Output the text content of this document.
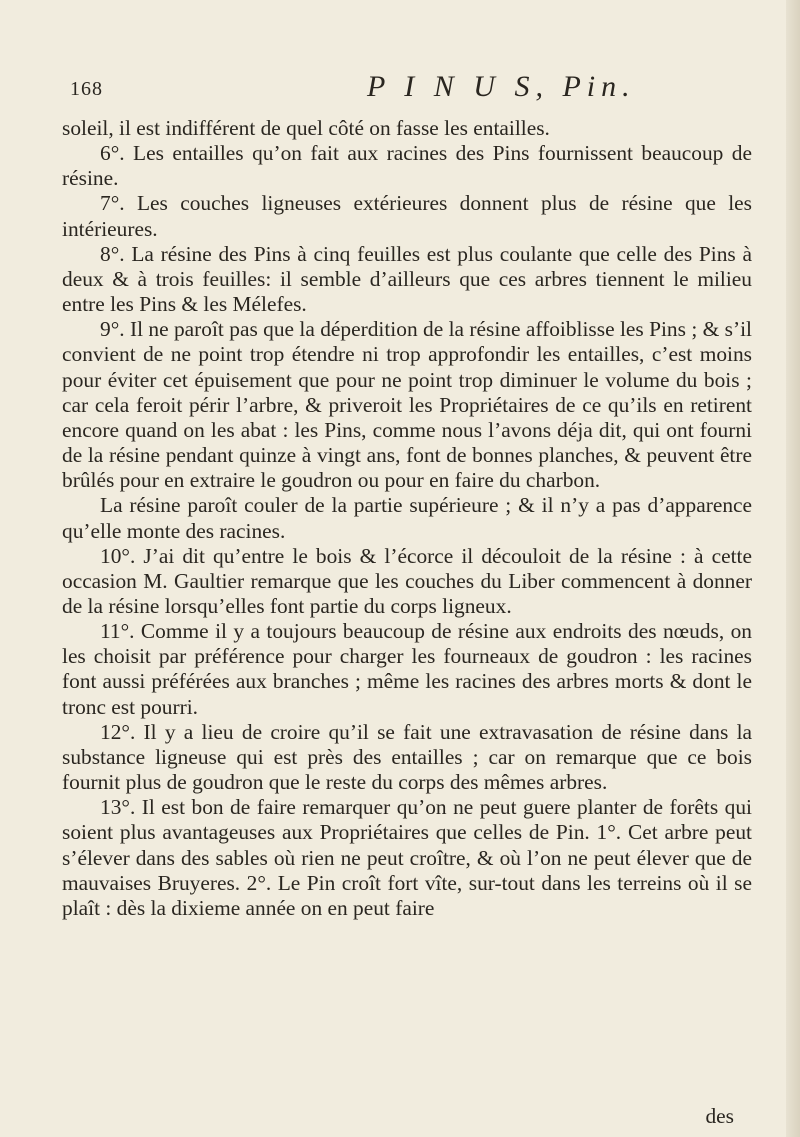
168	P I N U S, Pin.

soleil, il est indifférent de quel côté on fasse les entailles.

6°. Les entailles qu’on fait aux racines des Pins fournissent beaucoup de résine.

7°. Les couches ligneuses extérieures donnent plus de résine que les intérieures.

8°. La résine des Pins à cinq feuilles est plus coulante que celle des Pins à deux & à trois feuilles: il semble d’ailleurs que ces arbres tiennent le milieu entre les Pins & les Mélefes.

9°. Il ne paroît pas que la déperdition de la résine affoiblisse les Pins ; & s’il convient de ne point trop étendre ni trop approfondir les entailles, c’est moins pour éviter cet épuisement que pour ne point trop diminuer le volume du bois ; car cela feroit périr l’arbre, & priveroit les Propriétaires de ce qu’ils en retirent encore quand on les abat : les Pins, comme nous l’avons déja dit, qui ont fourni de la résine pendant quinze à vingt ans, font de bonnes planches, & peuvent être brûlés pour en extraire le goudron ou pour en faire du charbon.

La résine paroît couler de la partie supérieure ; & il n’y a pas d’apparence qu’elle monte des racines.

10°. J’ai dit qu’entre le bois & l’écorce il découloit de la résine : à cette occasion M. Gaultier remarque que les couches du Liber commencent à donner de la résine lorsqu’elles font partie du corps ligneux.

11°. Comme il y a toujours beaucoup de résine aux endroits des nœuds, on les choisit par préférence pour charger les fourneaux de goudron : les racines font aussi préférées aux branches ; même les racines des arbres morts & dont le tronc est pourri.

12°. Il y a lieu de croire qu’il se fait une extravasation de résine dans la substance ligneuse qui est près des entailles ; car on remarque que ce bois fournit plus de goudron que le reste du corps des mêmes arbres.

13°. Il est bon de faire remarquer qu’on ne peut guere planter de forêts qui soient plus avantageuses aux Propriétaires que celles de Pin. 1°. Cet arbre peut s’élever dans des sables où rien ne peut croître, & où l’on ne peut élever que de mauvaises Bruyeres. 2°. Le Pin croît fort vîte, sur-tout dans les terreins où il se plaît : dès la dixieme année on en peut faire

des
